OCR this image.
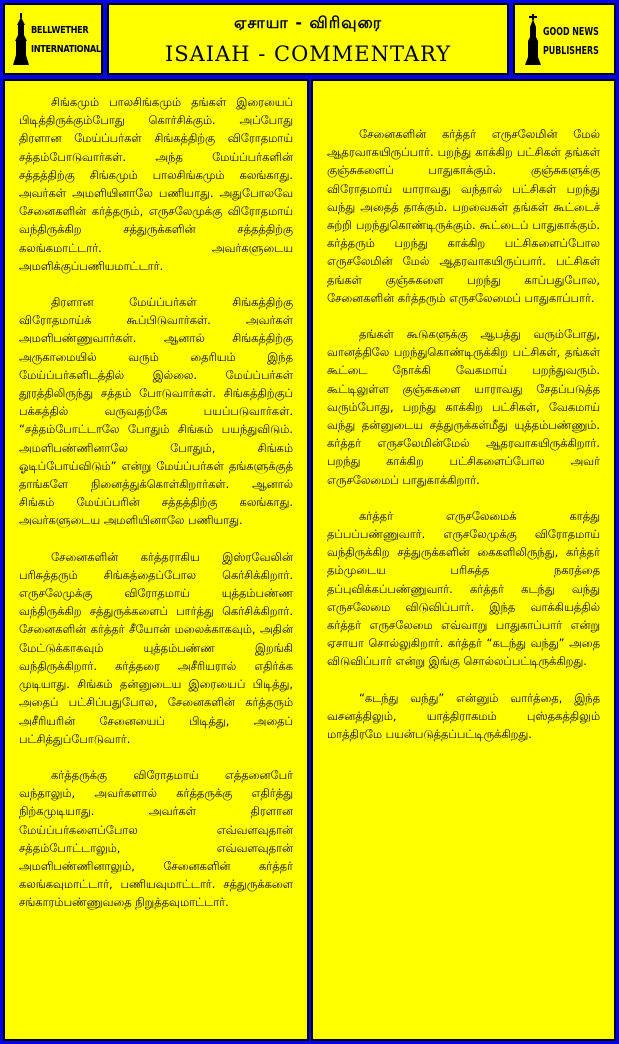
BELLWETHER
INTERNATIONAL
ஏசாயா - விரிவுரை
ISAIAH - COMMENTARY
GOOD NEWS
PUBLISHERS

சிங்கமும் பாலசிங்கமும் தங்கள் இரையைப் பிடித்திருக்கும்போது கொர்சிக்கும். அப்போது திரளான மேய்ப்பர்கள் சிங்கத்திற்கு விரோதமாய் சத்தம்போடுவார்கள். அந்த மேய்ப்பர்களின் சத்தத்திற்கு சிங்கமும் பாலசிங்கமும் கலங்காது. அவர்கள் அமளியினாலே பணியாது. அதுபோலவே சேனைகளின் கர்த்தரும், எருசலேமுக்கு விரோதமாய் வந்திருக்கிற சத்துருக்களின் சத்தத்திற்கு கலங்கமாட்டார். அவர்களுடைய அமளிக்குப்பணியமாட்டார்.

திரளான மேய்ப்பர்கள் சிங்கத்திற்கு விரோதமாய்க் கூப்பிடுவார்கள். அவர்கள் அமளிபண்ணுவார்கள். ஆனால் சிங்கத்திற்கு அருகாமையில் வரும் தைரியம் இந்த மேய்ப்பர்களிடத்தில் இல்லை. மேய்ப்பர்கள் தூரத்திலிருந்து சத்தம் போடுவார்கள். சிங்கத்திற்குப் பக்கத்தில் வருவதற்கே பயப்படுவார்கள். “சத்தம்போட்டாலே போதும் சிங்கம் பயந்துவிடும். அமளிபண்ணினாலே போதும், சிங்கம் ஓடிப்போய்விடும்” என்று மேய்ப்பர்கள் தங்களுக்குத் தாங்களே நினைத்துக்கொள்கிறார்கள். ஆனால் சிங்கம் மேய்ப்பரின் சத்தத்திற்கு கலங்காது. அவர்களுடைய அமளியினாலே பணியாது.

சேனைகளின் கர்த்தராகிய இஸ்ரவேலின் பரிசுத்தரும் சிங்கத்தைப்போல கெர்சிக்கிறார். எருசலேமுக்கு விரோதமாய் யுத்தம்பண்ண வந்திருக்கிற சத்துருக்களைப் பார்த்து கெர்சிக்கிறார். சேனைகளின் கர்த்தர் சீயோன் மலைக்காகவும், அதின் மேட்டுக்காகவும் யுத்தம்பண்ண இறங்கி வந்திருக்கிறார். கர்த்தரை அசீரியரால் எதிர்க்க முடியாது. சிங்கம் தன்னுடைய இரையைப் பிடித்து, அதைப் பட்சிப்பதுபோல, சேனைகளின் கர்த்தரும் அசீரியரின் சேனையைப் பிடித்து, அதைப் பட்சித்துப்போடுவார்.

கர்த்தருக்கு விரோதமாய் எத்தனைபேர் வந்தாலும், அவர்களால் கர்த்தருக்கு எதிர்த்து நிற்கமுடியாது. அவர்கள் திரளான மேய்ப்பர்களைப்போல எவ்வளவுதான் சத்தம்போட்டாலும், எவ்வளவுதான் அமளிபண்ணினாலும், சேனைகளின் கர்த்தர் கலங்கவுமாட்டார், பணியவுமாட்டார். சத்துருக்களை சங்காரம்பண்ணுவதை நிறுத்தவுமாட்டார்.

சேனைகளின் கர்த்தர் எருசலேமின் மேல் ஆதரவாகயிருப்பார். பறந்து காக்கிற பட்சிகள் தங்கள் குஞ்சுகளைப் பாதுகாக்கும். குஞ்சுகளுக்கு விரோதமாய் யாராவது வந்தால் பட்சிகள் பறந்து வந்து அதைத் தாக்கும். பறவைகள் தங்கள் கூட்டைச் சுற்றி பறந்துகொண்டிருக்கும். கூட்டைப் பாதுகாக்கும். கர்த்தரும் பறந்து காக்கிற பட்சிகளைப்போல எருசலேமின் மேல் ஆதரவாகயிருப்பார். பட்சிகள் தங்கள் குஞ்சுகளை பறந்து காப்பதுபோல, சேனைகளின் கர்த்தரும் எருசலேமைப் பாதுகாப்பார்.

தங்கள் கூடுகளுக்கு ஆபத்து வரும்போது, வானத்திலே பறந்துகொண்டிருக்கிற பட்சிகள், தங்கள் கூட்டை நோக்கி வேகமாய் பறந்துவரும். கூட்டிலுள்ள குஞ்சுகளை யாராவது சேதப்படுத்த வரும்போது, பறந்து காக்கிற பட்சிகள், வேகமாய் வந்து தன்னுடைய சத்துருக்கள்மீது யுத்தம்பண்ணும். கர்த்தர் எருசலேமின்மேல் ஆதரவாகயிருக்கிறார். பறந்து காக்கிற பட்சிகளைப்போல அவர் எருசலேமைப் பாதுகாக்கிறார்.

கர்த்தர் எருசலேமைக் காத்து தப்பப்பண்ணுவார். எருசலேமுக்கு விரோதமாய் வந்திருக்கிற சத்துருக்களின் கைகளிலிருந்து, கர்த்தர் தம்முடைய பரிசுத்த நகரத்தை தப்புவிக்கப்பண்ணுவார். கர்த்தர் கடந்து வந்து எருசலேமை விடுவிப்பார். இந்த வாக்கியத்தில் கர்த்தர் எருசலேமை எவ்வாறு பாதுகாப்பார் என்று ஏசாயா சொல்லுகிறார். கர்த்தர் “கடந்து வந்து” அதை விடுவிப்பார் என்று இங்கு சொல்லப்பட்டிருக்கிறது.

“கடந்து வந்து” என்னும் வார்த்தை, இந்த வசனத்திலும், யாத்திராகமம் புஸ்தகத்திலும் மாத்திரமே பயன்படுத்தப்பட்டிருக்கிறது.
